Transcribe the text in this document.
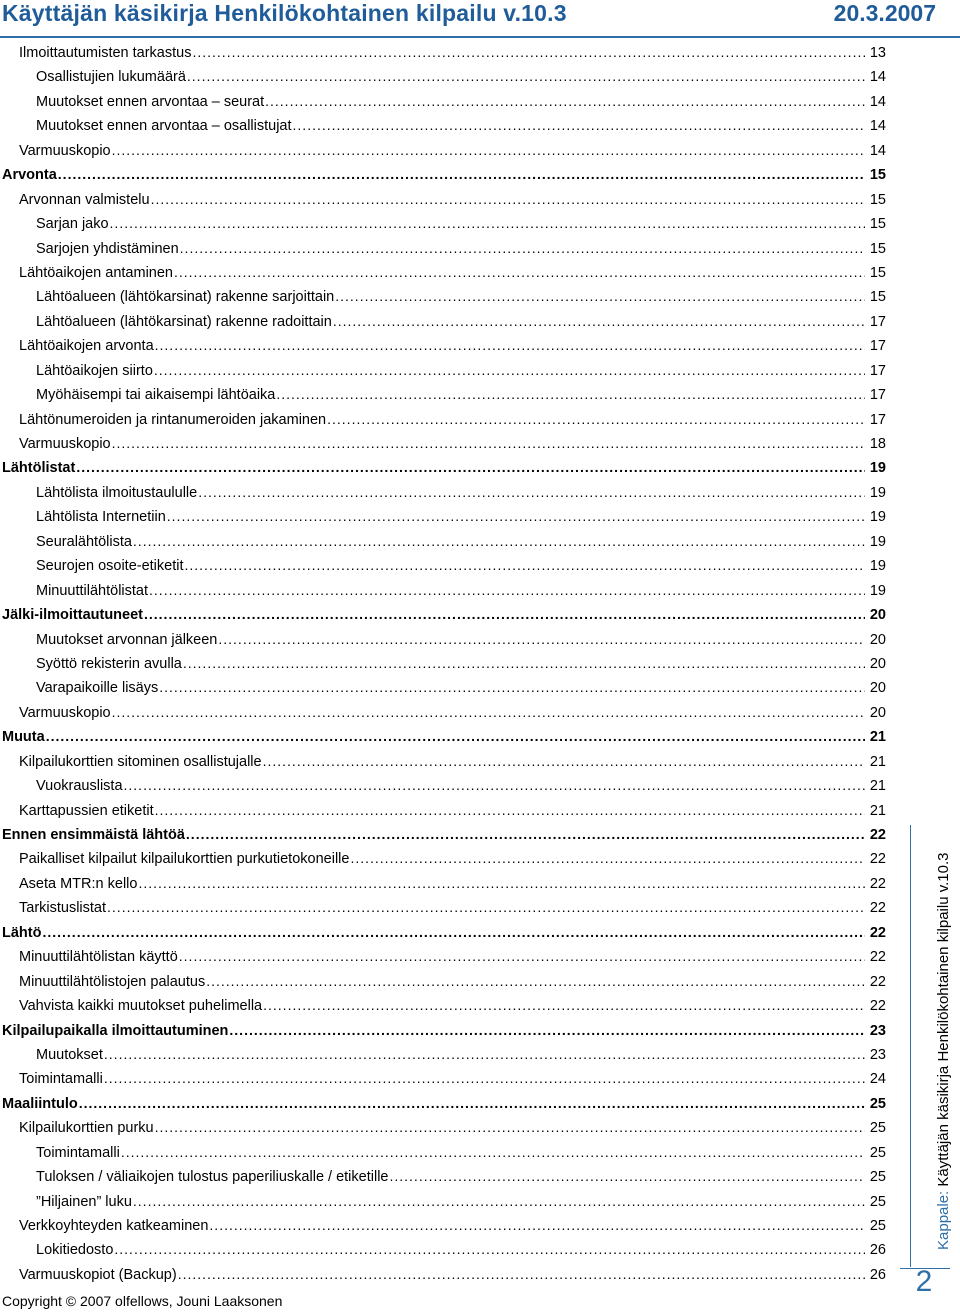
Käyttäjän käsikirja Henkilökohtainen kilpailu v.10.3	20.3.2007
Ilmoittautumisten tarkastus .....	13
Osallistujien lukumäärä .....	14
Muutokset ennen arvontaa – seurat .....	14
Muutokset ennen arvontaa – osallistujat .....	14
Varmuuskopio .....	14
Arvonta .....	15
Arvonnan valmistelu .....	15
Sarjan jako .....	15
Sarjojen yhdistäminen .....	15
Lähtöaikojen antaminen .....	15
Lähtöalueen (lähtökarsinat) rakenne sarjoittain .....	15
Lähtöalueen (lähtökarsinat) rakenne radoittain .....	17
Lähtöaikojen arvonta .....	17
Lähtöaikojen siirto .....	17
Myöhäisempi tai aikaisempi lähtöaika .....	17
Lähtönumeroiden ja rintanumeroiden jakaminen .....	17
Varmuuskopio .....	18
Lähtölistat .....	19
Lähtölista ilmoitustaululle .....	19
Lähtölista Internetiin .....	19
Seuralähtölista .....	19
Seurojen osoite-etiketit .....	19
Minuuttilähtölistat .....	19
Jälki-ilmoittautuneet .....	20
Muutokset arvonnan jälkeen .....	20
Syöttö rekisterin avulla .....	20
Varapaikoille lisäys .....	20
Varmuuskopio .....	20
Muuta .....	21
Kilpailukorttien sitominen osallistujalle .....	21
Vuokrauslista .....	21
Karttapussien etiketit .....	21
Ennen ensimmäistä lähtöä .....	22
Paikalliset kilpailut kilpailukorttien purkutietokoneille .....	22
Aseta MTR:n kello .....	22
Tarkistuslistat .....	22
Lähtö .....	22
Minuuttilähtölistan käyttö .....	22
Minuuttilähtölistojen palautus .....	22
Vahvista kaikki muutokset puhelimella .....	22
Kilpailupaikalla ilmoittautuminen .....	23
Muutokset .....	23
Toimintamalli .....	24
Maaliintulo .....	25
Kilpailukorttien purku .....	25
Toimintamalli .....	25
Tuloksen / väliaikojen tulostus paperiliuskalle / etiketille .....	25
”Hiljainen” luku .....	25
Verkkoyhteyden katkeaminen .....	25
Lokitiedosto .....	26
Varmuuskopiot (Backup) .....	26
Copyright © 2007 olfellows, Jouni Laaksonen
Kappale: Käyttäjän käsikirja Henkilökohtainen kilpailu v.10.3
2
